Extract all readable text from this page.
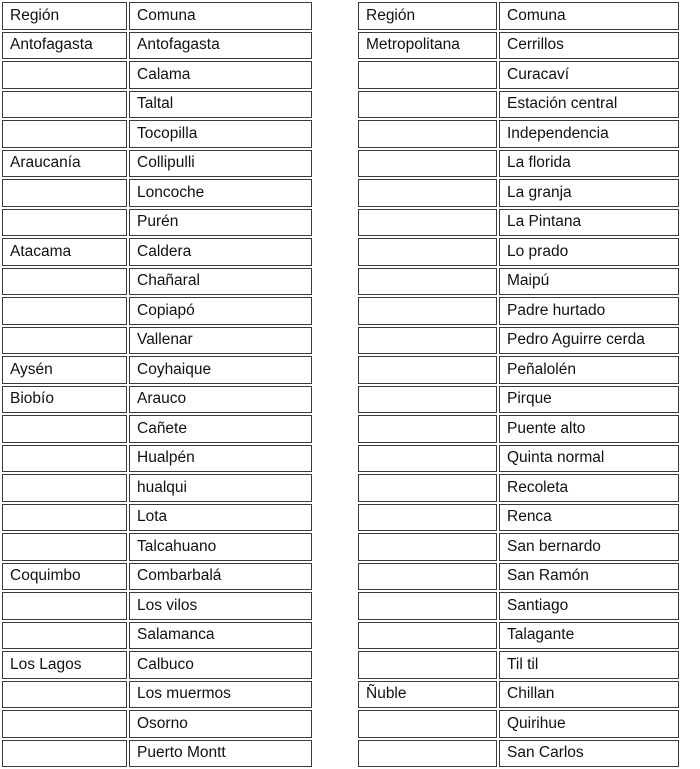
Región	Comuna
Antofagasta	Antofagasta
	Calama
	Taltal
	Tocopilla
Araucanía	Collipulli
	Loncoche
	Purén
Atacama	Caldera
	Chañaral
	Copiapó
	Vallenar
Aysén	Coyhaique
Biobío	Arauco
	Cañete
	Hualpén
	hualqui
	Lota
	Talcahuano
Coquimbo	Combarbalá
	Los vilos
	Salamanca
Los Lagos	Calbuco
	Los muermos
	Osorno
	Puerto Montt
Región	Comuna
Metropolitana	Cerrillos
	Curacaví
	Estación central
	Independencia
	La florida
	La granja
	La Pintana
	Lo prado
	Maipú
	Padre hurtado
	Pedro Aguirre cerda
	Peñalolén
	Pirque
	Puente alto
	Quinta normal
	Recoleta
	Renca
	San bernardo
	San Ramón
	Santiago
	Talagante
	Til til
Ñuble	Chillan
	Quirihue
	San Carlos
